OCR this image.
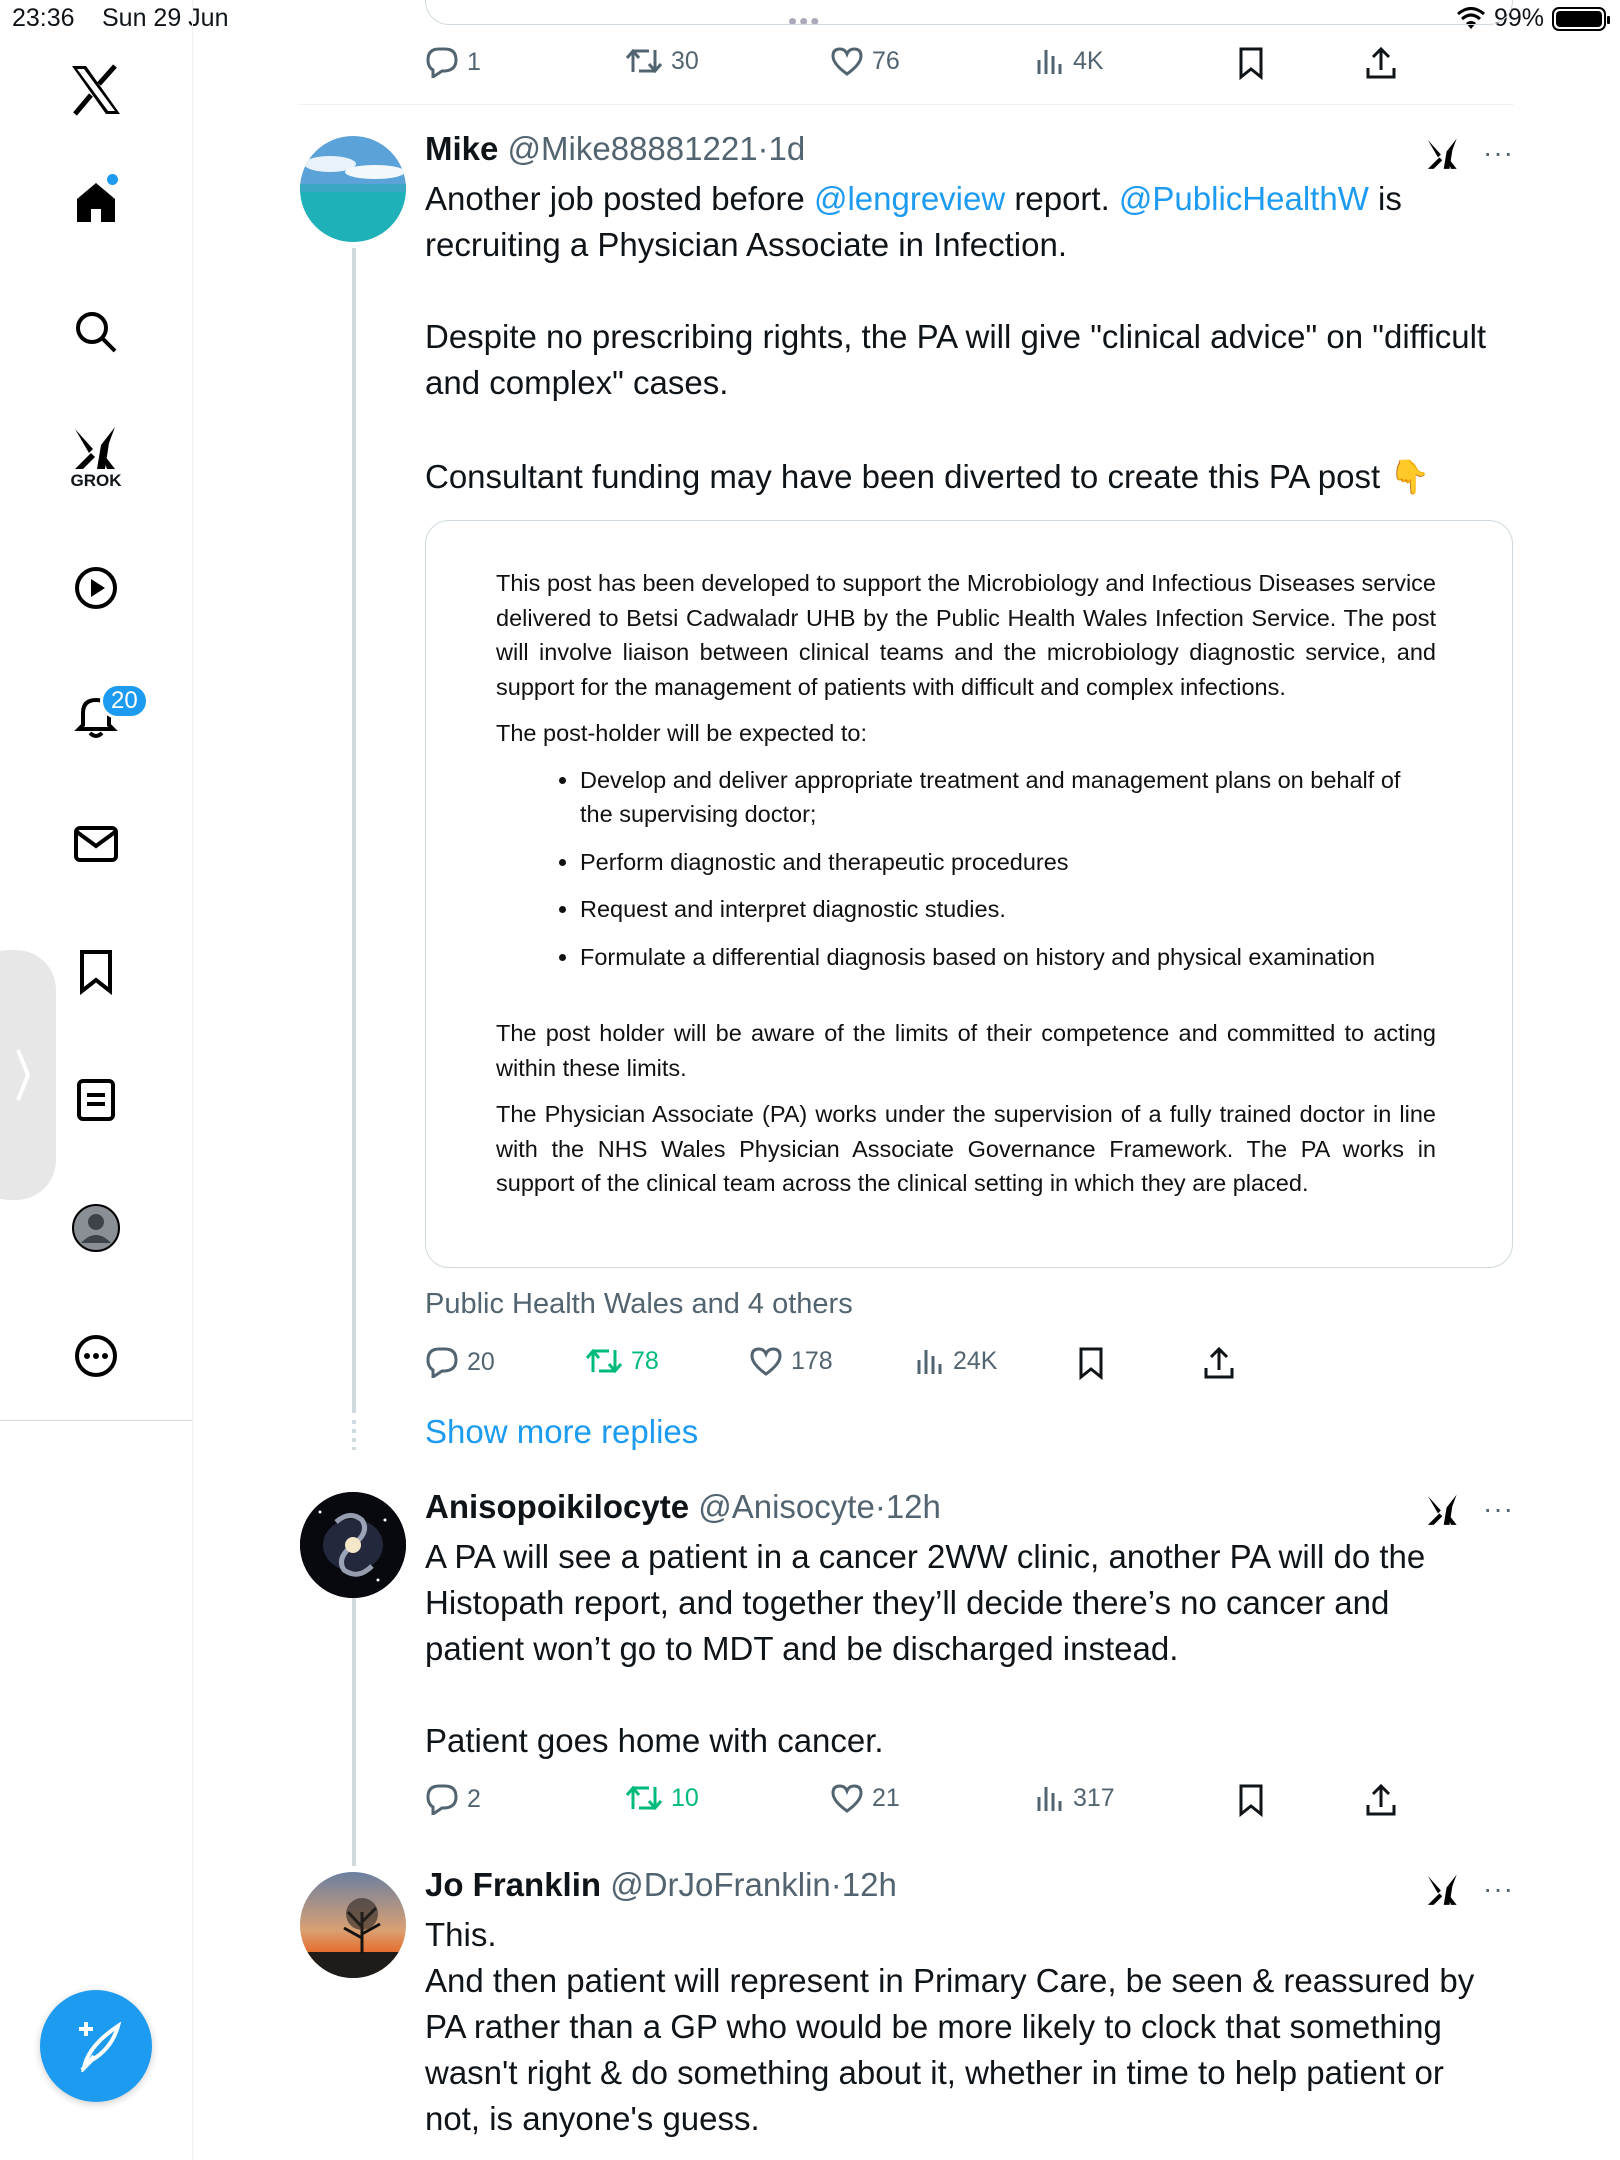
23:36 Sun 29 Jun	•••	99%
GROK
20
1	30	76	4K
Mike @Mike88881221·1d	···
Another job posted before @lengreview report. @PublicHealthW is recruiting a Physician Associate in Infection.
Despite no prescribing rights, the PA will give "clinical advice" on "difficult and complex" cases.
Consultant funding may have been diverted to create this PA post 👇

This post has been developed to support the Microbiology and Infectious Diseases service delivered to Betsi Cadwaladr UHB by the Public Health Wales Infection Service. The post will involve liaison between clinical teams and the microbiology diagnostic service, and support for the management of patients with difficult and complex infections.

The post-holder will be expected to:

• Develop and deliver appropriate treatment and management plans on behalf of the supervising doctor;
• Perform diagnostic and therapeutic procedures
• Request and interpret diagnostic studies.
• Formulate a differential diagnosis based on history and physical examination

The post holder will be aware of the limits of their competence and committed to acting within these limits.

The Physician Associate (PA) works under the supervision of a fully trained doctor in line with the NHS Wales Physician Associate Governance Framework. The PA works in support of the clinical team across the clinical setting in which they are placed.

Public Health Wales and 4 others
20	78	178	24K
Show more replies
Anisopoikilocyte @Anisocyte·12h	···
A PA will see a patient in a cancer 2WW clinic, another PA will do the Histopath report, and together they’ll decide there’s no cancer and patient won’t go to MDT and be discharged instead.

Patient goes home with cancer.
2	10	21	317
Jo Franklin @DrJoFranklin·12h	···
This.
And then patient will represent in Primary Care, be seen & reassured by PA rather than a GP who would be more likely to clock that something wasn't right & do something about it, whether in time to help patient or not, is anyone's guess.
